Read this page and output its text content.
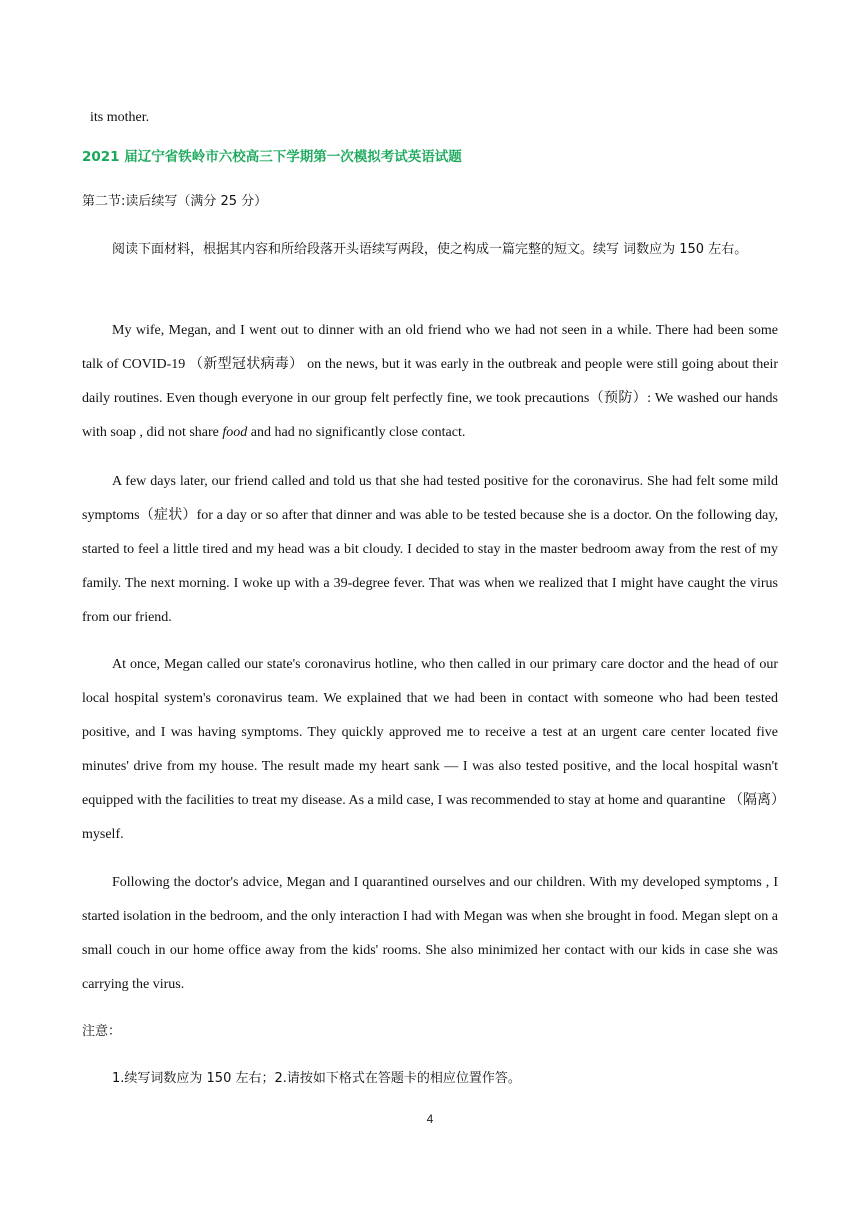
its mother.

2021 届辽宁省铁岭市六校高三下学期第一次模拟考试英语试题

第二节:读后续写（满分 25 分）

阅读下面材料，根据其内容和所给段落开头语续写两段，使之构成一篇完整的短文。续写 词数应为 150 左右。

My wife, Megan, and I went out to dinner with an old friend who we had not seen in a while. There had been some talk of COVID-19 （新型冠状病毒） on the news, but it was early in the outbreak and people were still going about their daily routines. Even though everyone in our group felt perfectly fine, we took precautions（预防）: We washed our hands with soap , did not share food and had no significantly close contact.

A few days later, our friend called and told us that she had tested positive for the coronavirus. She had felt some mild symptoms（症状）for a day or so after that dinner and was able to be tested because she is a doctor. On the following day, started to feel a little tired and my head was a bit cloudy. I decided to stay in the master bedroom away from the rest of my family. The next morning. I woke up with a 39-degree fever. That was when we realized that I might have caught the virus from our friend.

At once, Megan called our state's coronavirus hotline, who then called in our primary care doctor and the head of our local hospital system's coronavirus team. We explained that we had been in contact with someone who had been tested positive, and I was having symptoms. They quickly approved me to receive a test at an urgent care center located five minutes' drive from my house. The result made my heart sank — I was also tested positive, and the local hospital wasn't equipped with the facilities to treat my disease. As a mild case, I was recommended to stay at home and quarantine （隔离）myself.

Following the doctor's advice, Megan and I quarantined ourselves and our children. With my developed symptoms , I started isolation in the bedroom, and the only interaction I had with Megan was when she brought in food. Megan slept on a small couch in our home office away from the kids' rooms. She also minimized her contact with our kids in case she was carrying the virus.

注意：

1.续写词数应为 150 左右；2.请按如下格式在答题卡的相应位置作答。

4
